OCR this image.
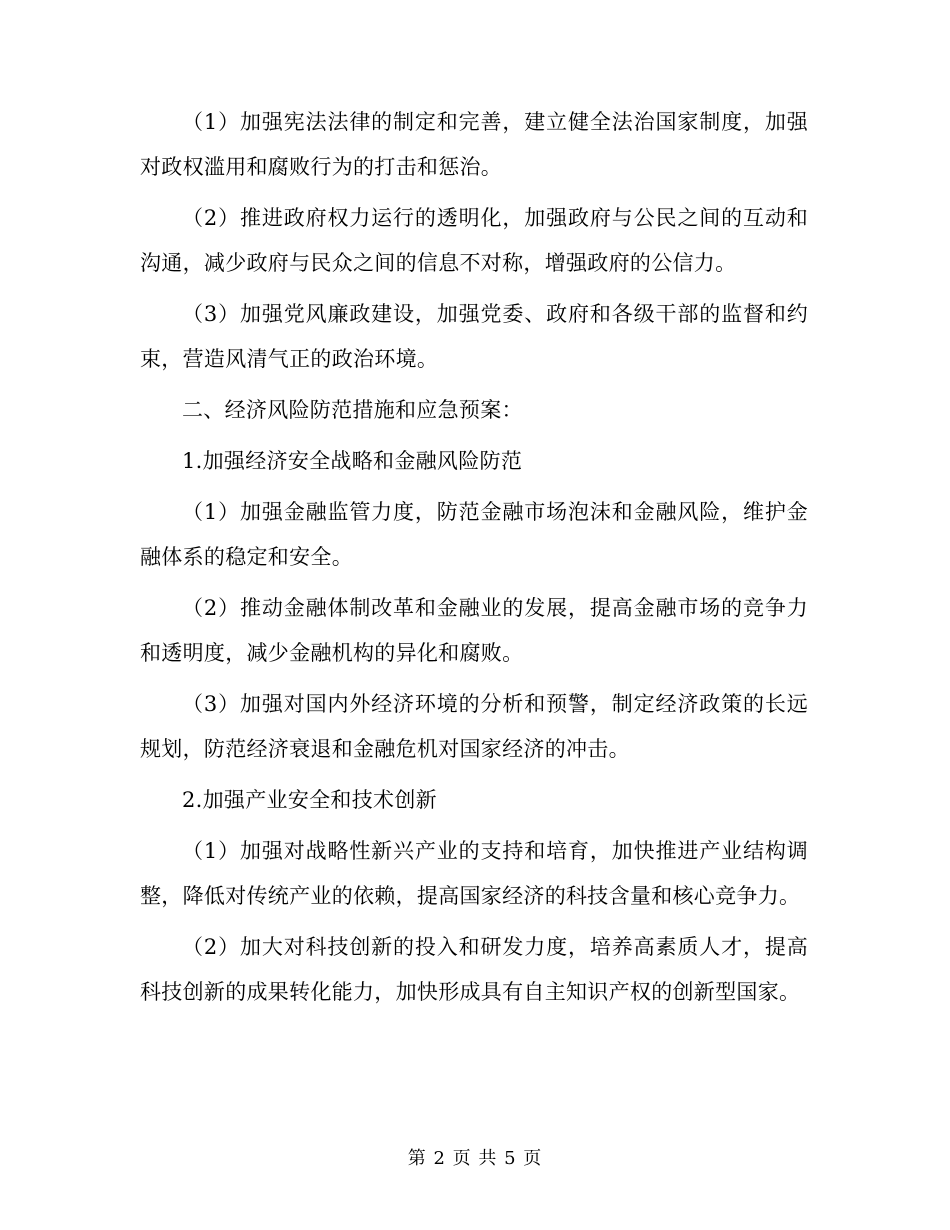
（1）加强宪法法律的制定和完善，建立健全法治国家制度，加强对政权滥用和腐败行为的打击和惩治。

（2）推进政府权力运行的透明化，加强政府与公民之间的互动和沟通，减少政府与民众之间的信息不对称，增强政府的公信力。

（3）加强党风廉政建设，加强党委、政府和各级干部的监督和约束，营造风清气正的政治环境。

二、经济风险防范措施和应急预案：

1.加强经济安全战略和金融风险防范

（1）加强金融监管力度，防范金融市场泡沫和金融风险，维护金融体系的稳定和安全。

（2）推动金融体制改革和金融业的发展，提高金融市场的竞争力和透明度，减少金融机构的异化和腐败。

（3）加强对国内外经济环境的分析和预警，制定经济政策的长远规划，防范经济衰退和金融危机对国家经济的冲击。

2.加强产业安全和技术创新

（1）加强对战略性新兴产业的支持和培育，加快推进产业结构调整，降低对传统产业的依赖，提高国家经济的科技含量和核心竞争力。

（2）加大对科技创新的投入和研发力度，培养高素质人才，提高科技创新的成果转化能力，加快形成具有自主知识产权的创新型国家。

第 2 页 共 5 页
